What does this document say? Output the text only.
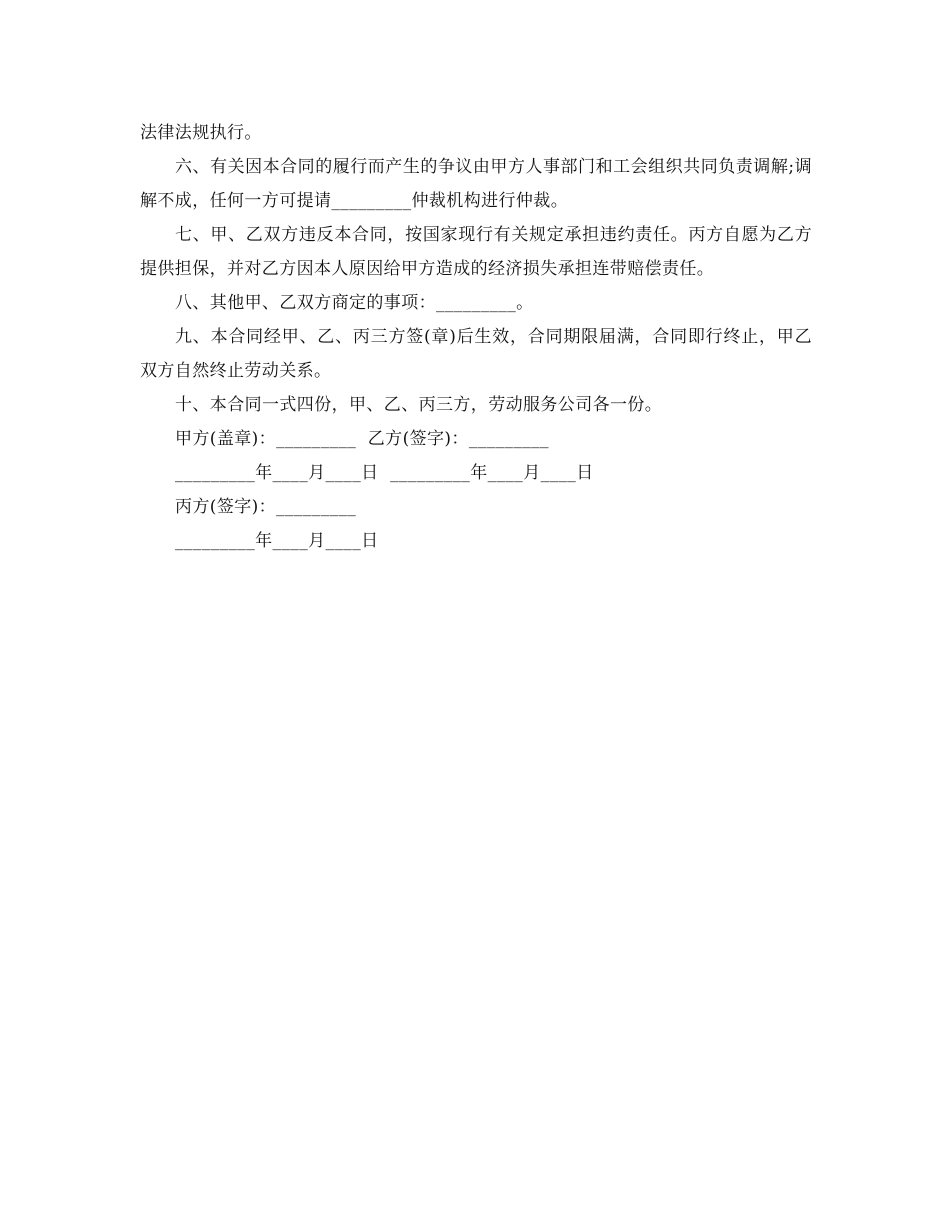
法律法规执行。

六、有关因本合同的履行而产生的争议由甲方人事部门和工会组织共同负责调解;调解不成，任何一方可提请_________仲裁机构进行仲裁。

七、甲、乙双方违反本合同，按国家现行有关规定承担违约责任。丙方自愿为乙方提供担保，并对乙方因本人原因给甲方造成的经济损失承担连带赔偿责任。

八、其他甲、乙双方商定的事项：_________。

九、本合同经甲、乙、丙三方签(章)后生效，合同期限届满，合同即行终止，甲乙双方自然终止劳动关系。

十、本合同一式四份，甲、乙、丙三方，劳动服务公司各一份。

甲方(盖章)：_________  乙方(签字)：_________

_________年____月____日  _________年____月____日

丙方(签字)：_________

_________年____月____日
